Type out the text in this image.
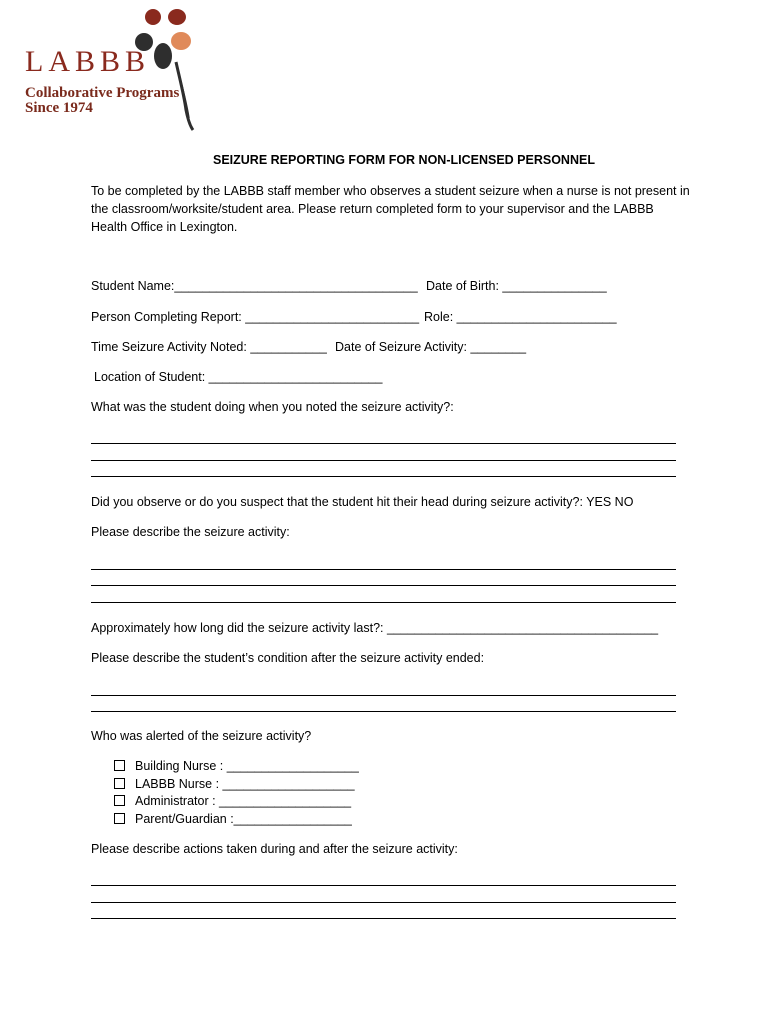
LABBB
Collaborative Programs
Since 1974
SEIZURE REPORTING FORM FOR NON-LICENSED PERSONNEL
To be completed by the LABBB staff member who observes a student seizure when a nurse is not present in the classroom/worksite/student area. Please return completed form to your supervisor and the LABBB Health Office in Lexington.
Student Name:___________________________________ Date of Birth: _______________
Person Completing Report: _________________________ Role: _______________________
Time Seizure Activity Noted: ___________ Date of Seizure Activity: ________
Location of Student: _________________________
What was the student doing when you noted the seizure activity?:
Did you observe or do you suspect that the student hit their head during seizure activity?: YES NO
Please describe the seizure activity:
Approximately how long did the seizure activity last?: _______________________________________
Please describe the student’s condition after the seizure activity ended:
Who was alerted of the seizure activity?
Building Nurse : ___________________
LABBB Nurse : ___________________
Administrator : ___________________
Parent/Guardian :_________________
Please describe actions taken during and after the seizure activity:
